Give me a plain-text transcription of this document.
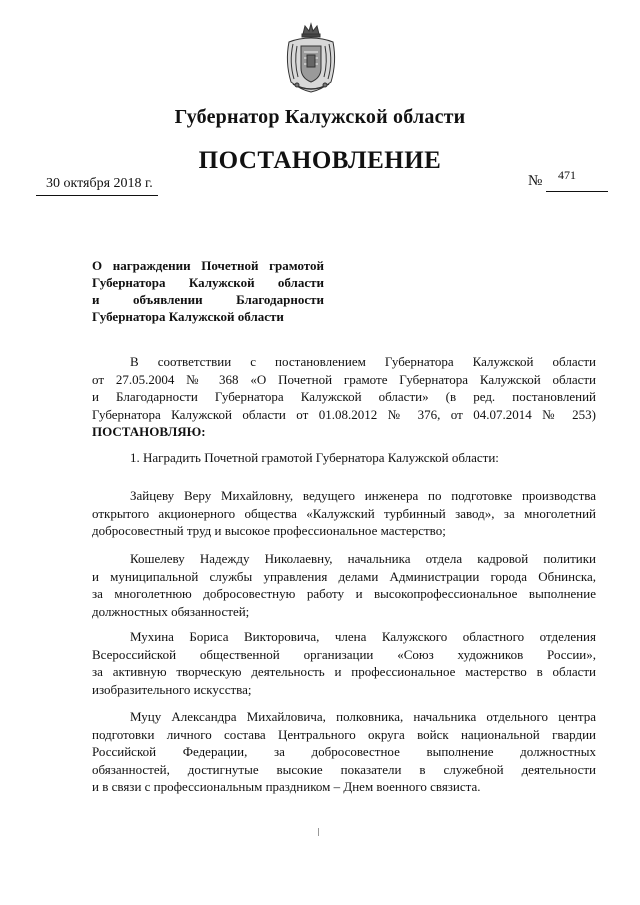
Губернатор Калужской области
ПОСТАНОВЛЕНИЕ
30 октября 2018 г.	№ 471
О награждении Почетной грамотой
Губернатора Калужской области
и объявлении Благодарности
Губернатора Калужской области
В соответствии с постановлением Губернатора Калужской области
от 27.05.2004 № 368 «О Почетной грамоте Губернатора Калужской области
и Благодарности Губернатора Калужской области» (в ред. постановлений
Губернатора Калужской области от 01.08.2012 № 376, от 04.07.2014 № 253)
ПОСТАНОВЛЯЮ:
1. Наградить Почетной грамотой Губернатора Калужской области:
Зайцеву Веру Михайловну, ведущего инженера по подготовке производства
открытого акционерного общества «Калужский турбинный завод», за многолетний
добросовестный труд и высокое профессиональное мастерство;
Кошелеву Надежду Николаевну, начальника отдела кадровой политики
и муниципальной службы управления делами Администрации города Обнинска,
за многолетнюю добросовестную работу и высокопрофессиональное выполнение
должностных обязанностей;
Мухина Бориса Викторовича, члена Калужского областного отделения
Всероссийской общественной организации «Союз художников России»,
за активную творческую деятельность и профессиональное мастерство в области
изобразительного искусства;
Муцу Александра Михайловича, полковника, начальника отдельного центра
подготовки личного состава Центрального округа войск национальной гвардии
Российской Федерации, за добросовестное выполнение должностных
обязанностей, достигнутые высокие показатели в служебной деятельности
и в связи с профессиональным праздником – Днем военного связиста.
